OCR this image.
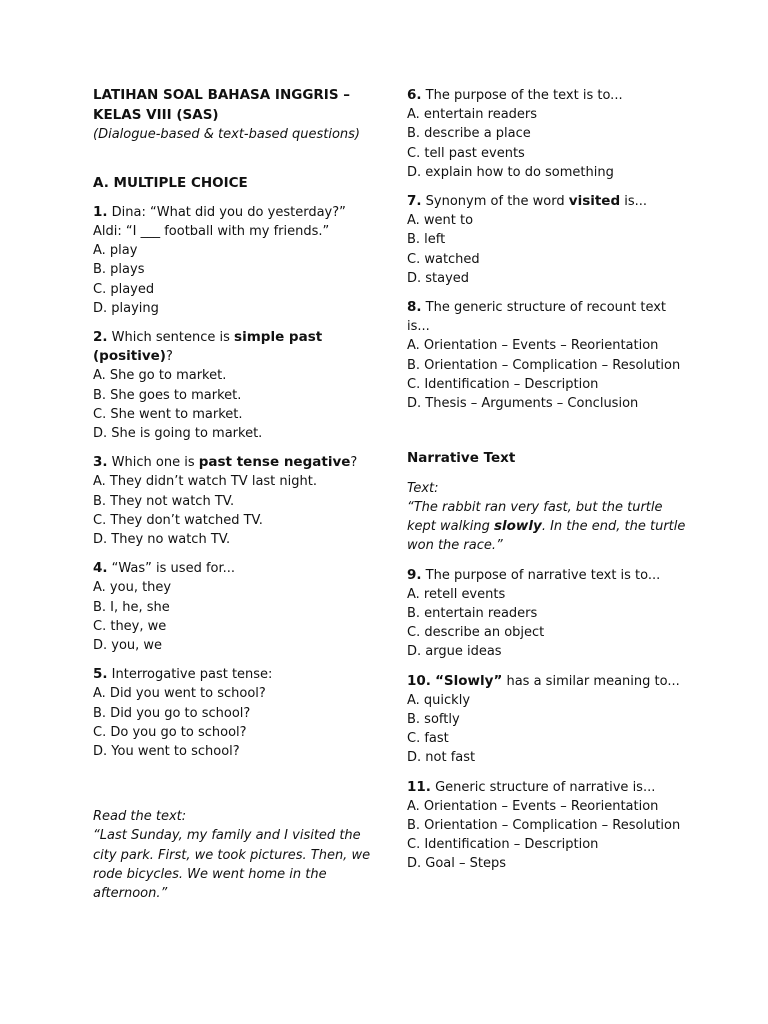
LATIHAN SOAL BAHASA INGGRIS –

KELAS VIII (SAS)

(Dialogue-based & text-based questions)

A. MULTIPLE CHOICE

1. Dina: “What did you do yesterday?”

Aldi: “I ___ football with my friends.”

A. play

B. plays

C. played

D. playing

2. Which sentence is simple past

(positive)?

A. She go to market.

B. She goes to market.

C. She went to market.

D. She is going to market.

3. Which one is past tense negative?

A. They didn’t watch TV last night.

B. They not watch TV.

C. They don’t watched TV.

D. They no watch TV.

4. “Was” is used for...

A. you, they

B. I, he, she

C. they, we

D. you, we

5. Interrogative past tense:

A. Did you went to school?

B. Did you go to school?

C. Do you go to school?

D. You went to school?

Read the text:

“Last Sunday, my family and I visited the

city park. First, we took pictures. Then, we

rode bicycles. We went home in the

afternoon.”

6. The purpose of the text is to...

A. entertain readers

B. describe a place

C. tell past events

D. explain how to do something

7. Synonym of the word visited is...

A. went to

B. left

C. watched

D. stayed

8. The generic structure of recount text

is...

A. Orientation – Events – Reorientation

B. Orientation – Complication – Resolution

C. Identification – Description

D. Thesis – Arguments – Conclusion

Narrative Text

Text:

“The rabbit ran very fast, but the turtle

kept walking slowly. In the end, the turtle

won the race.”

9. The purpose of narrative text is to...

A. retell events

B. entertain readers

C. describe an object

D. argue ideas

10. “Slowly” has a similar meaning to...

A. quickly

B. softly

C. fast

D. not fast

11. Generic structure of narrative is...

A. Orientation – Events – Reorientation

B. Orientation – Complication – Resolution

C. Identification – Description

D. Goal – Steps
